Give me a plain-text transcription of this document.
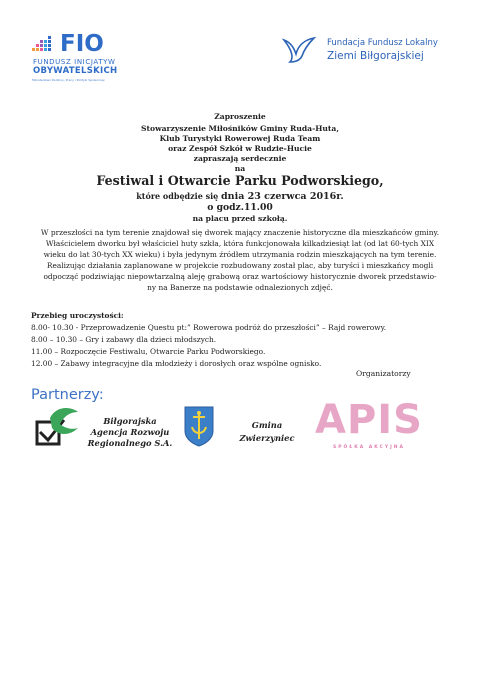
FIO
FUNDUSZ INICJATYW
OBYWATELSKICH
Ministerstwo Rodziny, Pracy i Polityki Społecznej
Fundacja Fundusz Lokalny
Ziemi Biłgorajskiej
Zaproszenie
Stowarzyszenie Miłośników Gminy Ruda-Huta,
Klub Turystyki Rowerowej Ruda Team
oraz Zespół Szkół w Rudzie-Hucie
zapraszają serdecznie
na
Festiwal i Otwarcie Parku Podworskiego,
które odbędzie się dnia 23 czerwca 2016r.
o godz.11.00
na placu przed szkołą.
W przeszłości na tym terenie znajdował się dworek mający znaczenie historyczne dla mieszkańców gminy.
Właścicielem dworku był właściciel huty szkła, która funkcjonowała kilkadziesiąt lat (od lat 60-tych XIX
wieku do lat 30-tych XX wieku) i była jedynym źródłem utrzymania rodzin mieszkających na tym terenie.
Realizując działania zaplanowane w projekcie rozbudowany został plac, aby turyści i mieszkańcy mogli
odpocząć podziwiając niepowtarzalną aleję grabową oraz wartościowy historycznie dworek przedstawio-
ny na Banerze na podstawie odnalezionych zdjęć.
Przebieg uroczystości:
8.00- 10.30 - Przeprowadzenie Questu pt:” Rowerowa podróż do przeszłości” – Rajd rowerowy.
8.00 – 10.30 – Gry i zabawy dla dzieci młodszych.
11.00 – Rozpoczęcie Festiwalu, Otwarcie Parku Podworskiego.
12.00 – Zabawy integracyjne dla młodzieży i dorosłych oraz wspólne ognisko.
Organizatorzy
Partnerzy:
Biłgorajska
Agencja Rozwoju
Regionalnego S.A.
Gmina
Zwierzyniec APIS
SPÓŁKA AKCYJNA
